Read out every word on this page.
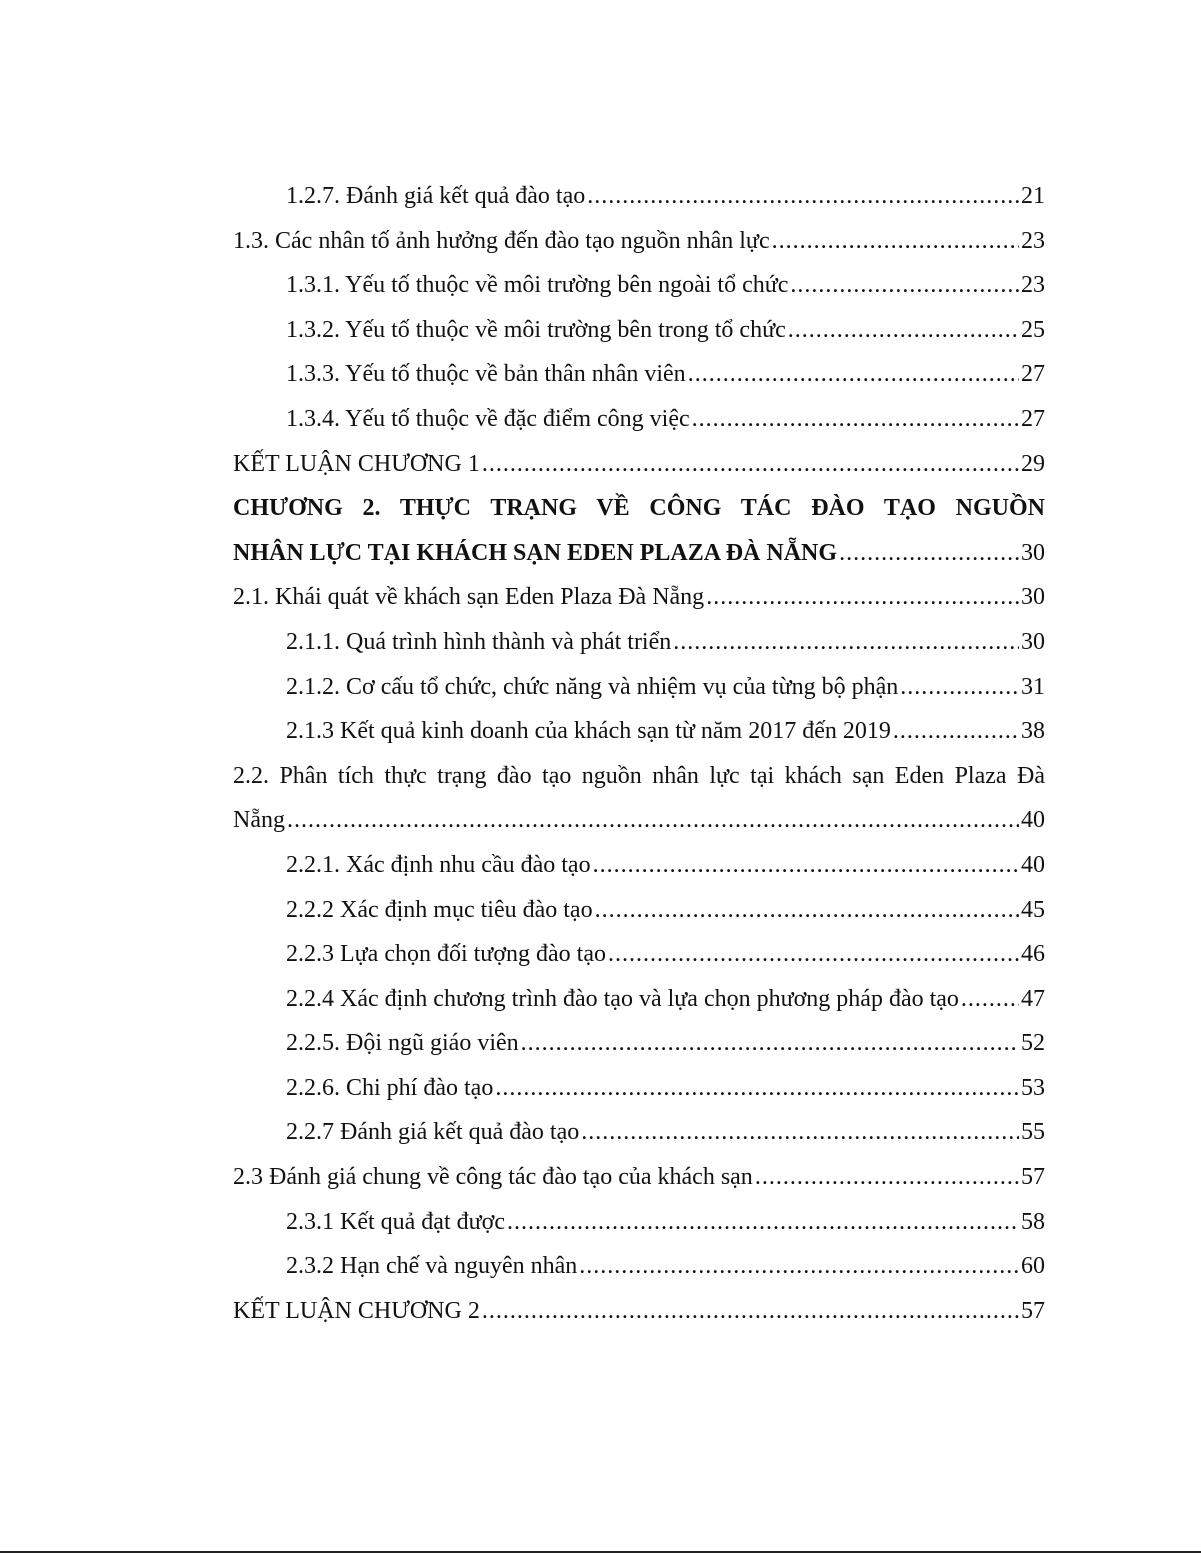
1.2.7. Đánh giá kết quả đào tạo .....	21
1.3. Các nhân tố ảnh hưởng đến đào tạo nguồn nhân lực .....	23
1.3.1. Yếu tố thuộc về môi trường bên ngoài tổ chức .....	23
1.3.2. Yếu tố thuộc về môi trường bên trong tổ chức .....	25
1.3.3. Yếu tố thuộc về bản thân nhân viên .....	27
1.3.4. Yếu tố thuộc về đặc điểm công việc .....	27
KẾT LUẬN CHƯƠNG 1 .....	29
CHƯƠNG 2. THỰC TRẠNG VỀ CÔNG TÁC ĐÀO TẠO NGUỒN
NHÂN LỰC TẠI KHÁCH SẠN EDEN PLAZA ĐÀ NẴNG .....	30
2.1. Khái quát về khách sạn Eden Plaza Đà Nẵng .....	30
2.1.1. Quá trình hình thành và phát triển .....	30
2.1.2. Cơ cấu tổ chức, chức năng và nhiệm vụ của từng bộ phận .....	31
2.1.3 Kết quả kinh doanh của khách sạn từ năm 2017 đến 2019 .....	38
2.2. Phân tích thực trạng đào tạo nguồn nhân lực tại khách sạn Eden Plaza Đà
Nẵng .....	40
2.2.1. Xác định nhu cầu đào tạo .....	40
2.2.2 Xác định mục tiêu đào tạo .....	45
2.2.3 Lựa chọn đối tượng đào tạo .....	46
2.2.4 Xác định chương trình đào tạo và lựa chọn phương pháp đào tạo .....	47
2.2.5. Đội ngũ giáo viên .....	52
2.2.6. Chi phí đào tạo .....	53
2.2.7 Đánh giá kết quả đào tạo .....	55
2.3 Đánh giá chung về công tác đào tạo của khách sạn .....	57
2.3.1 Kết quả đạt được .....	58
2.3.2 Hạn chế và nguyên nhân .....	60
KẾT LUẬN CHƯƠNG 2 .....	57
